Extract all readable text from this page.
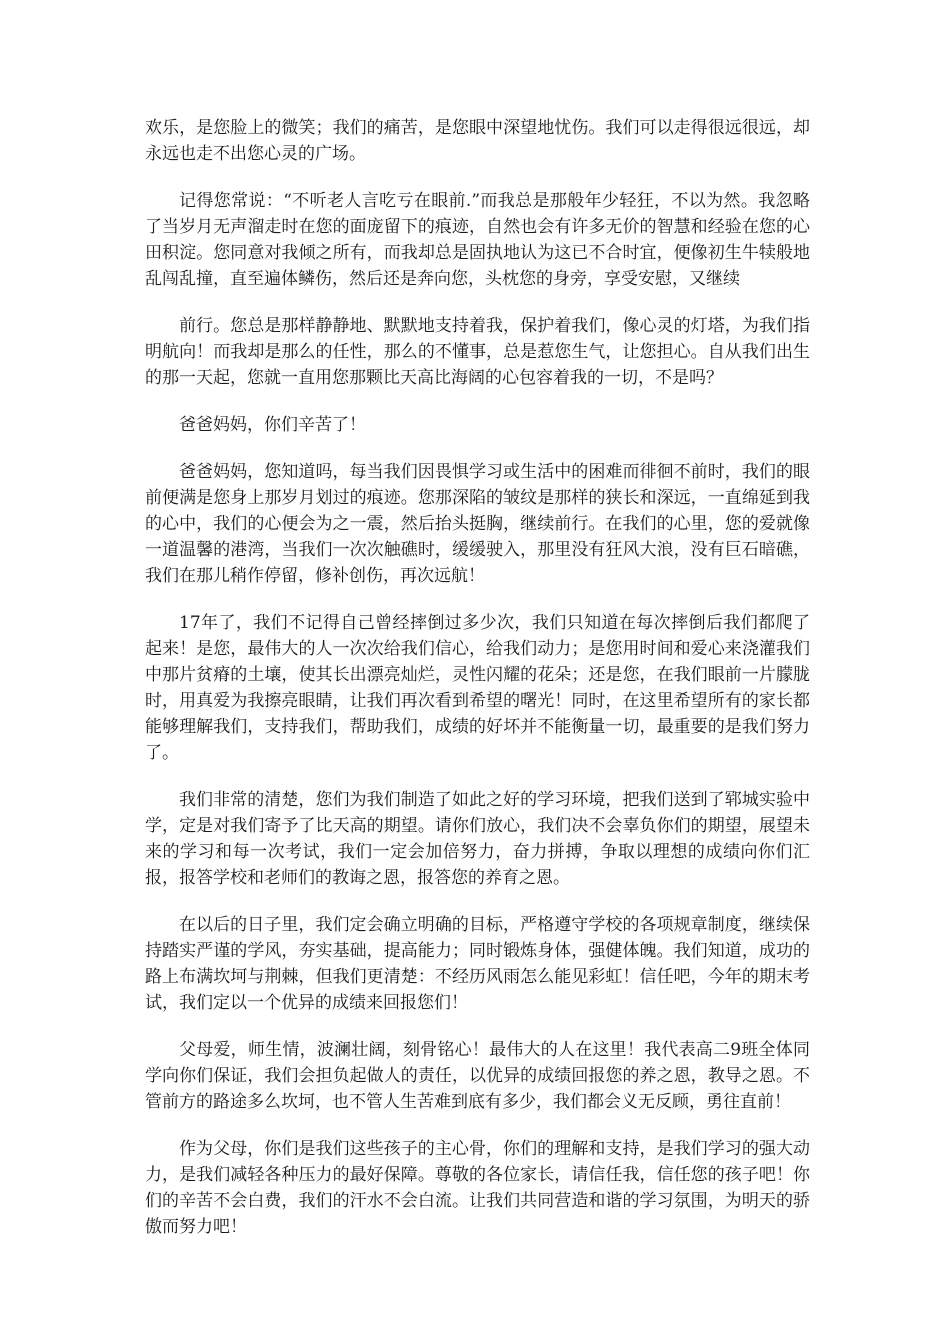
欢乐，是您脸上的微笑；我们的痛苦，是您眼中深望地忧伤。我们可以走得很远很远，却永远也走不出您心灵的广场。

记得您常说：“不听老人言吃亏在眼前.”而我总是那般年少轻狂，不以为然。我忽略了当岁月无声溜走时在您的面庞留下的痕迹，自然也会有许多无价的智慧和经验在您的心田积淀。您同意对我倾之所有，而我却总是固执地认为这已不合时宜，便像初生牛犊般地乱闯乱撞，直至遍体鳞伤，然后还是奔向您，头枕您的身旁，享受安慰，又继续

前行。您总是那样静静地、默默地支持着我，保护着我们，像心灵的灯塔，为我们指明航向！而我却是那么的任性，那么的不懂事，总是惹您生气，让您担心。自从我们出生的那一天起，您就一直用您那颗比天高比海阔的心包容着我的一切，不是吗？

爸爸妈妈，你们辛苦了！

爸爸妈妈，您知道吗，每当我们因畏惧学习或生活中的困难而徘徊不前时，我们的眼前便满是您身上那岁月划过的痕迹。您那深陷的皱纹是那样的狭长和深远，一直绵延到我的心中，我们的心便会为之一震，然后抬头挺胸，继续前行。在我们的心里，您的爱就像一道温馨的港湾，当我们一次次触礁时，缓缓驶入，那里没有狂风大浪，没有巨石暗礁，我们在那儿稍作停留，修补创伤，再次远航！

17年了，我们不记得自己曾经摔倒过多少次，我们只知道在每次摔倒后我们都爬了起来！是您，最伟大的人一次次给我们信心，给我们动力；是您用时间和爱心来浇灌我们中那片贫瘠的土壤，使其长出漂亮灿烂，灵性闪耀的花朵；还是您，在我们眼前一片朦胧时，用真爱为我擦亮眼睛，让我们再次看到希望的曙光！同时，在这里希望所有的家长都能够理解我们，支持我们，帮助我们，成绩的好坏并不能衡量一切，最重要的是我们努力了。

我们非常的清楚，您们为我们制造了如此之好的学习环境，把我们送到了郓城实验中学，定是对我们寄予了比天高的期望。请你们放心，我们决不会辜负你们的期望，展望未来的学习和每一次考试，我们一定会加倍努力，奋力拼搏，争取以理想的成绩向你们汇报，报答学校和老师们的教诲之恩，报答您的养育之恩。

在以后的日子里，我们定会确立明确的目标，严格遵守学校的各项规章制度，继续保持踏实严谨的学风，夯实基础，提高能力；同时锻炼身体，强健体魄。我们知道，成功的路上布满坎坷与荆棘，但我们更清楚：不经历风雨怎么能见彩虹！信任吧，今年的期末考试，我们定以一个优异的成绩来回报您们！

父母爱，师生情，波澜壮阔，刻骨铭心！最伟大的人在这里！我代表高二9班全体同学向你们保证，我们会担负起做人的责任，以优异的成绩回报您的养之恩，教导之恩。不管前方的路途多么坎坷，也不管人生苦难到底有多少，我们都会义无反顾，勇往直前！

作为父母，你们是我们这些孩子的主心骨，你们的理解和支持，是我们学习的强大动力，是我们减轻各种压力的最好保障。尊敬的各位家长，请信任我，信任您的孩子吧！你们的辛苦不会白费，我们的汗水不会白流。让我们共同营造和谐的学习氛围，为明天的骄傲而努力吧！
